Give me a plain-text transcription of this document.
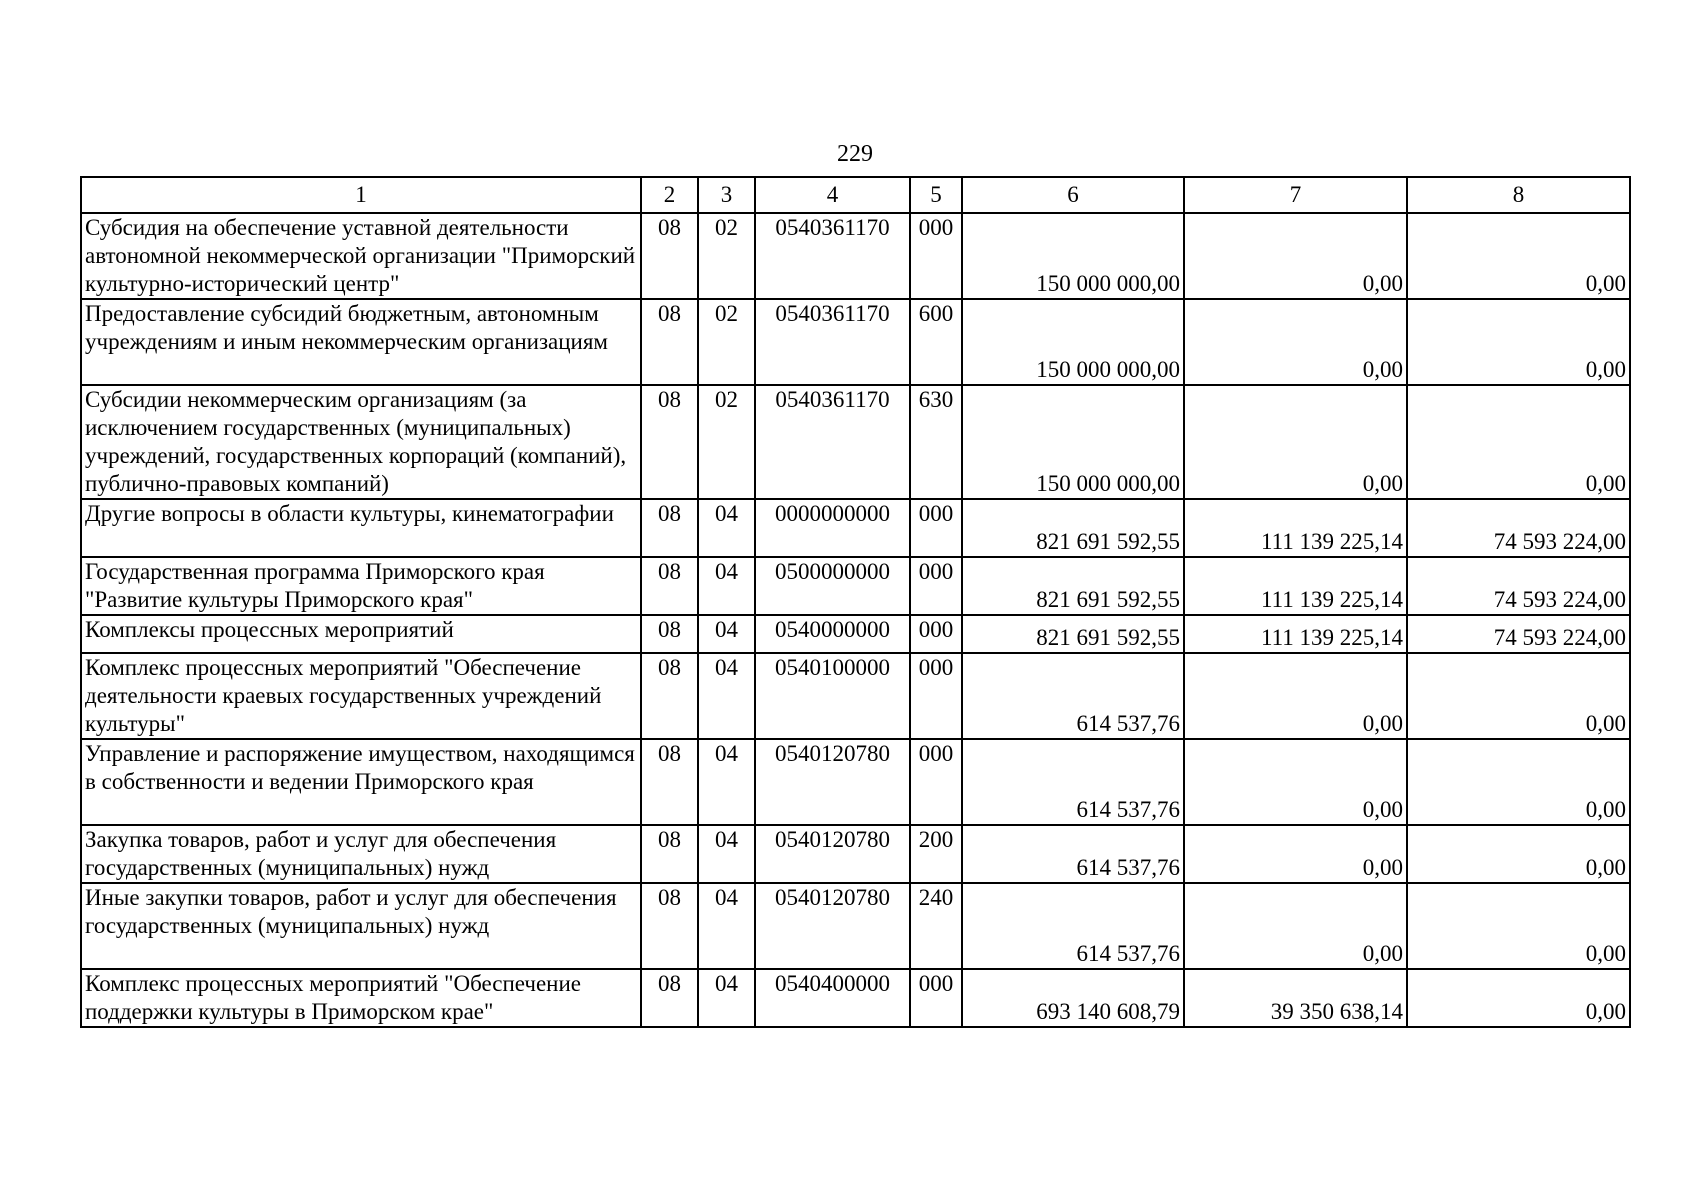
229
1	2	3	4	5	6	7	8
Субсидия на обеспечение уставной деятельности автономной некоммерческой организации "Приморский культурно-исторический центр"	08	02	0540361170	000	150 000 000,00	0,00	0,00
Предоставление субсидий бюджетным, автономным учреждениям и иным некоммерческим организациям	08	02	0540361170	600	150 000 000,00	0,00	0,00
Субсидии некоммерческим организациям (за исключением государственных (муниципальных) учреждений, государственных корпораций (компаний), публично-правовых компаний)	08	02	0540361170	630	150 000 000,00	0,00	0,00
Другие вопросы в области культуры, кинематографии	08	04	0000000000	000	821 691 592,55	111 139 225,14	74 593 224,00
Государственная программа Приморского края "Развитие культуры Приморского края"	08	04	0500000000	000	821 691 592,55	111 139 225,14	74 593 224,00
Комплексы процессных мероприятий	08	04	0540000000	000	821 691 592,55	111 139 225,14	74 593 224,00
Комплекс процессных мероприятий "Обеспечение деятельности краевых государственных учреждений культуры"	08	04	0540100000	000	614 537,76	0,00	0,00
Управление и распоряжение имуществом, находящимся в собственности и ведении Приморского края	08	04	0540120780	000	614 537,76	0,00	0,00
Закупка товаров, работ и услуг для обеспечения государственных (муниципальных) нужд	08	04	0540120780	200	614 537,76	0,00	0,00
Иные закупки товаров, работ и услуг для обеспечения государственных (муниципальных) нужд	08	04	0540120780	240	614 537,76	0,00	0,00
Комплекс процессных мероприятий "Обеспечение поддержки культуры в Приморском крае"	08	04	0540400000	000	693 140 608,79	39 350 638,14	0,00
